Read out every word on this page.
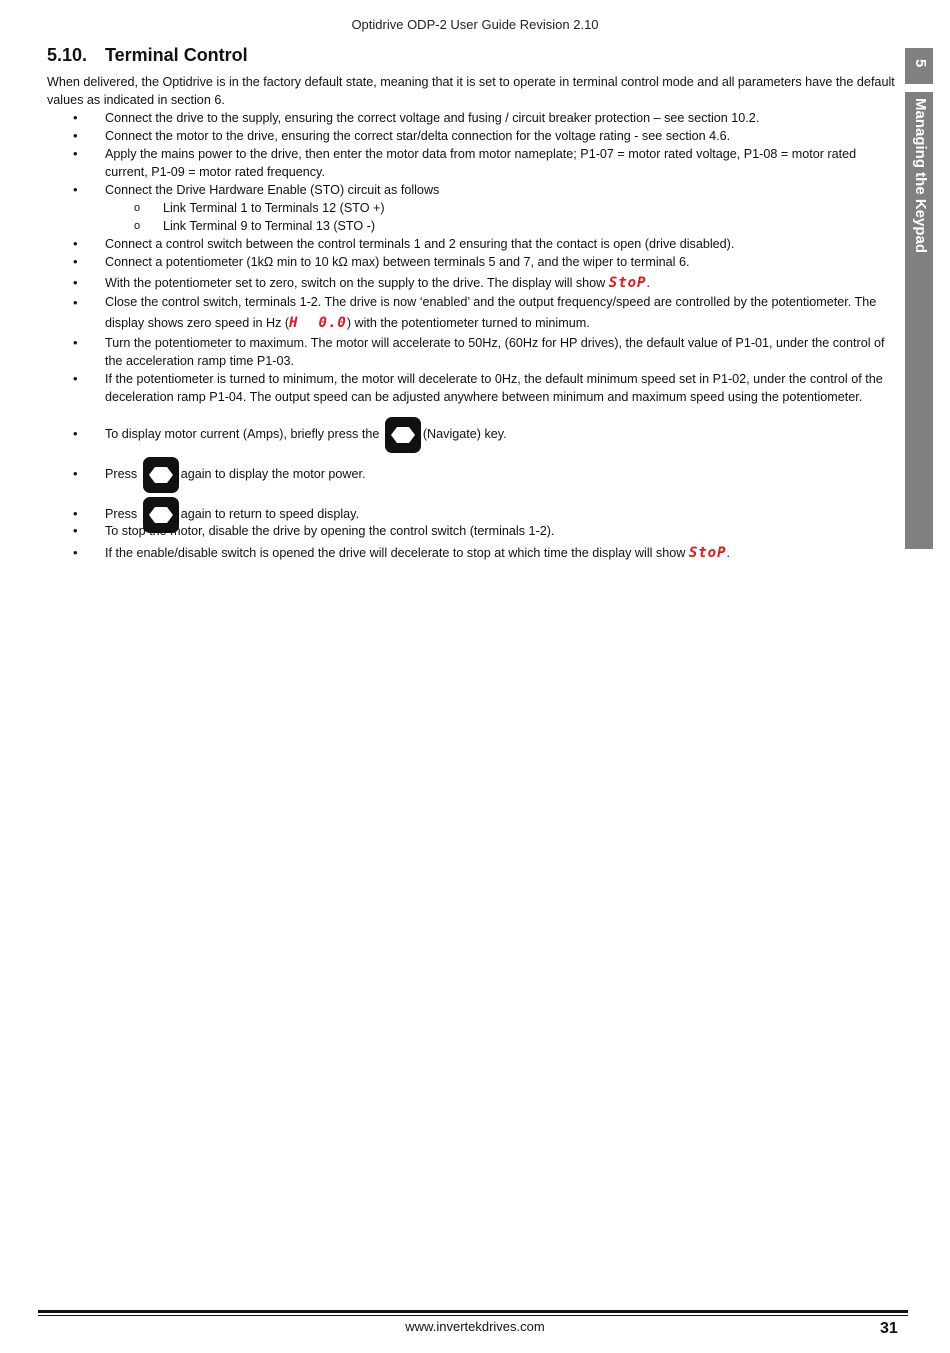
Optidrive ODP-2 User Guide Revision 2.10
5.10. Terminal Control
When delivered, the Optidrive is in the factory default state, meaning that it is set to operate in terminal control mode and all parameters have the default values as indicated in section 6.
• Connect the drive to the supply, ensuring the correct voltage and fusing / circuit breaker protection – see section 10.2.
• Connect the motor to the drive, ensuring the correct star/delta connection for the voltage rating - see section 4.6.
• Apply the mains power to the drive, then enter the motor data from motor nameplate; P1-07 = motor rated voltage, P1-08 = motor rated current, P1-09 = motor rated frequency.
• Connect the Drive Hardware Enable (STO) circuit as follows
o Link Terminal 1 to Terminals 12 (STO +)
o Link Terminal 9 to Terminal 13 (STO -)
• Connect a control switch between the control terminals 1 and 2 ensuring that the contact is open (drive disabled).
• Connect a potentiometer (1kΩ min to 10 kΩ max) between terminals 5 and 7, and the wiper to terminal 6.
• With the potentiometer set to zero, switch on the supply to the drive. The display will show StoP.
• Close the control switch, terminals 1-2. The drive is now ‘enabled’ and the output frequency/speed are controlled by the potentiometer. The display shows zero speed in Hz (H 0.0) with the potentiometer turned to minimum.
• Turn the potentiometer to maximum. The motor will accelerate to 50Hz, (60Hz for HP drives), the default value of P1-01, under the control of the acceleration ramp time P1-03.
• If the potentiometer is turned to minimum, the motor will decelerate to 0Hz, the default minimum speed set in P1-02, under the control of the deceleration ramp P1-04. The output speed can be adjusted anywhere between minimum and maximum speed using the potentiometer.
• To display motor current (Amps), briefly press the	(Navigate) key.
• Press	again to display the motor power.
• Press	again to return to speed display.
• To stop the motor, disable the drive by opening the control switch (terminals 1-2).
• If the enable/disable switch is opened the drive will decelerate to stop at which time the display will show StoP.
5
Managing the Keypad
www.invertekdrives.com	31
